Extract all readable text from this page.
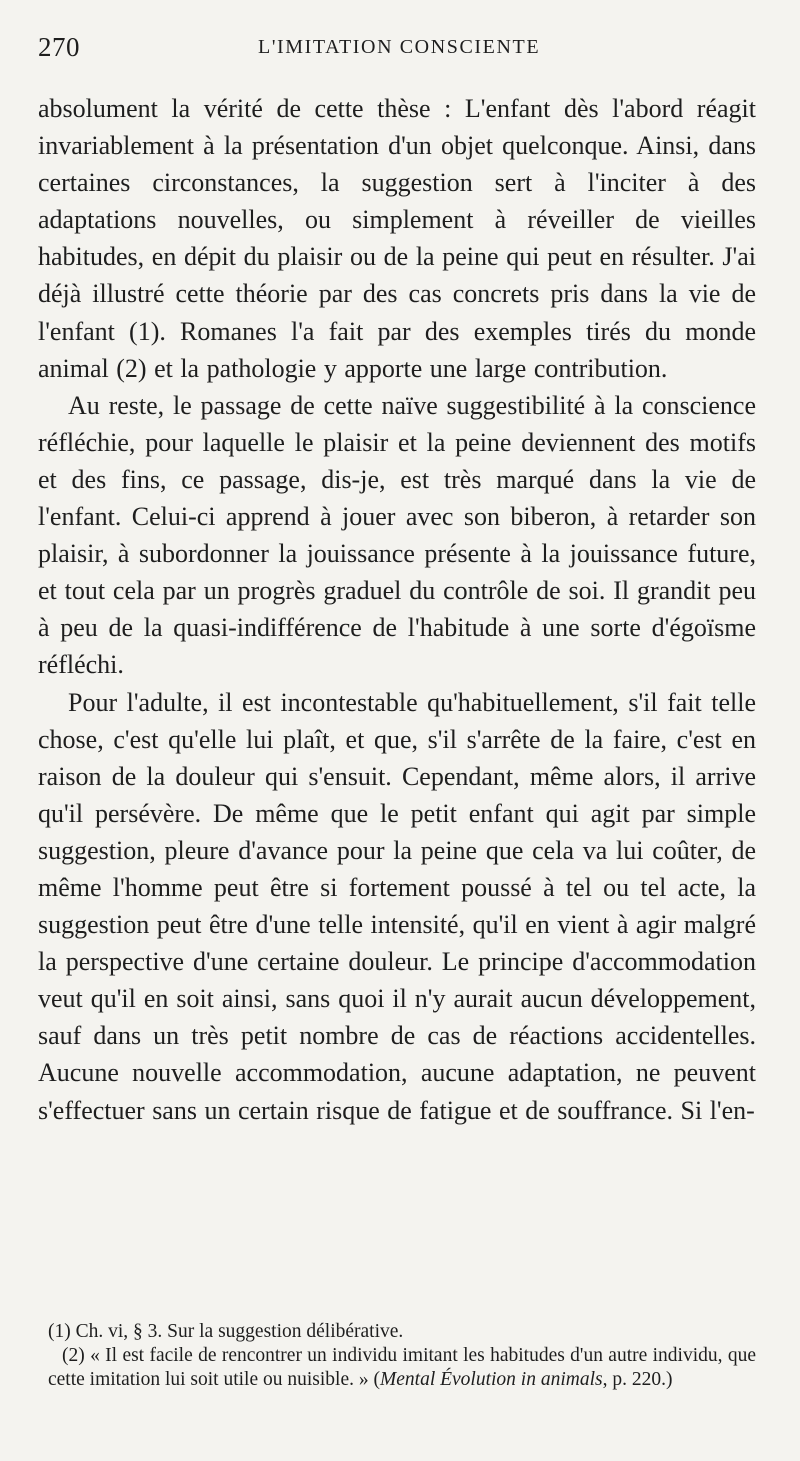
270	L'IMITATION CONSCIENTE

absolument la vérité de cette thèse : L'enfant dès l'abord réagit invariablement à la présentation d'un objet quelconque. Ainsi, dans certaines circonstances, la suggestion sert à l'inciter à des adaptations nouvelles, ou simplement à réveiller de vieilles habitudes, en dépit du plaisir ou de la peine qui peut en résulter. J'ai déjà illustré cette théorie par des cas concrets pris dans la vie de l'enfant (1). Romanes l'a fait par des exemples tirés du monde animal (2) et la pathologie y apporte une large contribution.

Au reste, le passage de cette naïve suggestibilité à la conscience réfléchie, pour laquelle le plaisir et la peine deviennent des motifs et des fins, ce passage, dis-je, est très marqué dans la vie de l'enfant. Celui-ci apprend à jouer avec son biberon, à retarder son plaisir, à subordonner la jouissance présente à la jouissance future, et tout cela par un progrès graduel du contrôle de soi. Il grandit peu à peu de la quasi-indifférence de l'habitude à une sorte d'égoïsme réfléchi.

Pour l'adulte, il est incontestable qu'habituellement, s'il fait telle chose, c'est qu'elle lui plaît, et que, s'il s'arrête de la faire, c'est en raison de la douleur qui s'ensuit. Cependant, même alors, il arrive qu'il persévère. De même que le petit enfant qui agit par simple suggestion, pleure d'avance pour la peine que cela va lui coûter, de même l'homme peut être si fortement poussé à tel ou tel acte, la suggestion peut être d'une telle intensité, qu'il en vient à agir malgré la perspective d'une certaine douleur. Le principe d'accommodation veut qu'il en soit ainsi, sans quoi il n'y aurait aucun développement, sauf dans un très petit nombre de cas de réactions accidentelles. Aucune nouvelle accommodation, aucune adaptation, ne peuvent s'effectuer sans un certain risque de fatigue et de souffrance. Si l'en-

(1) Ch. vi, § 3. Sur la suggestion délibérative.

(2) « Il est facile de rencontrer un individu imitant les habitudes d'un autre individu, que cette imitation lui soit utile ou nuisible. » (Mental Évolution in animals, p. 220.)
